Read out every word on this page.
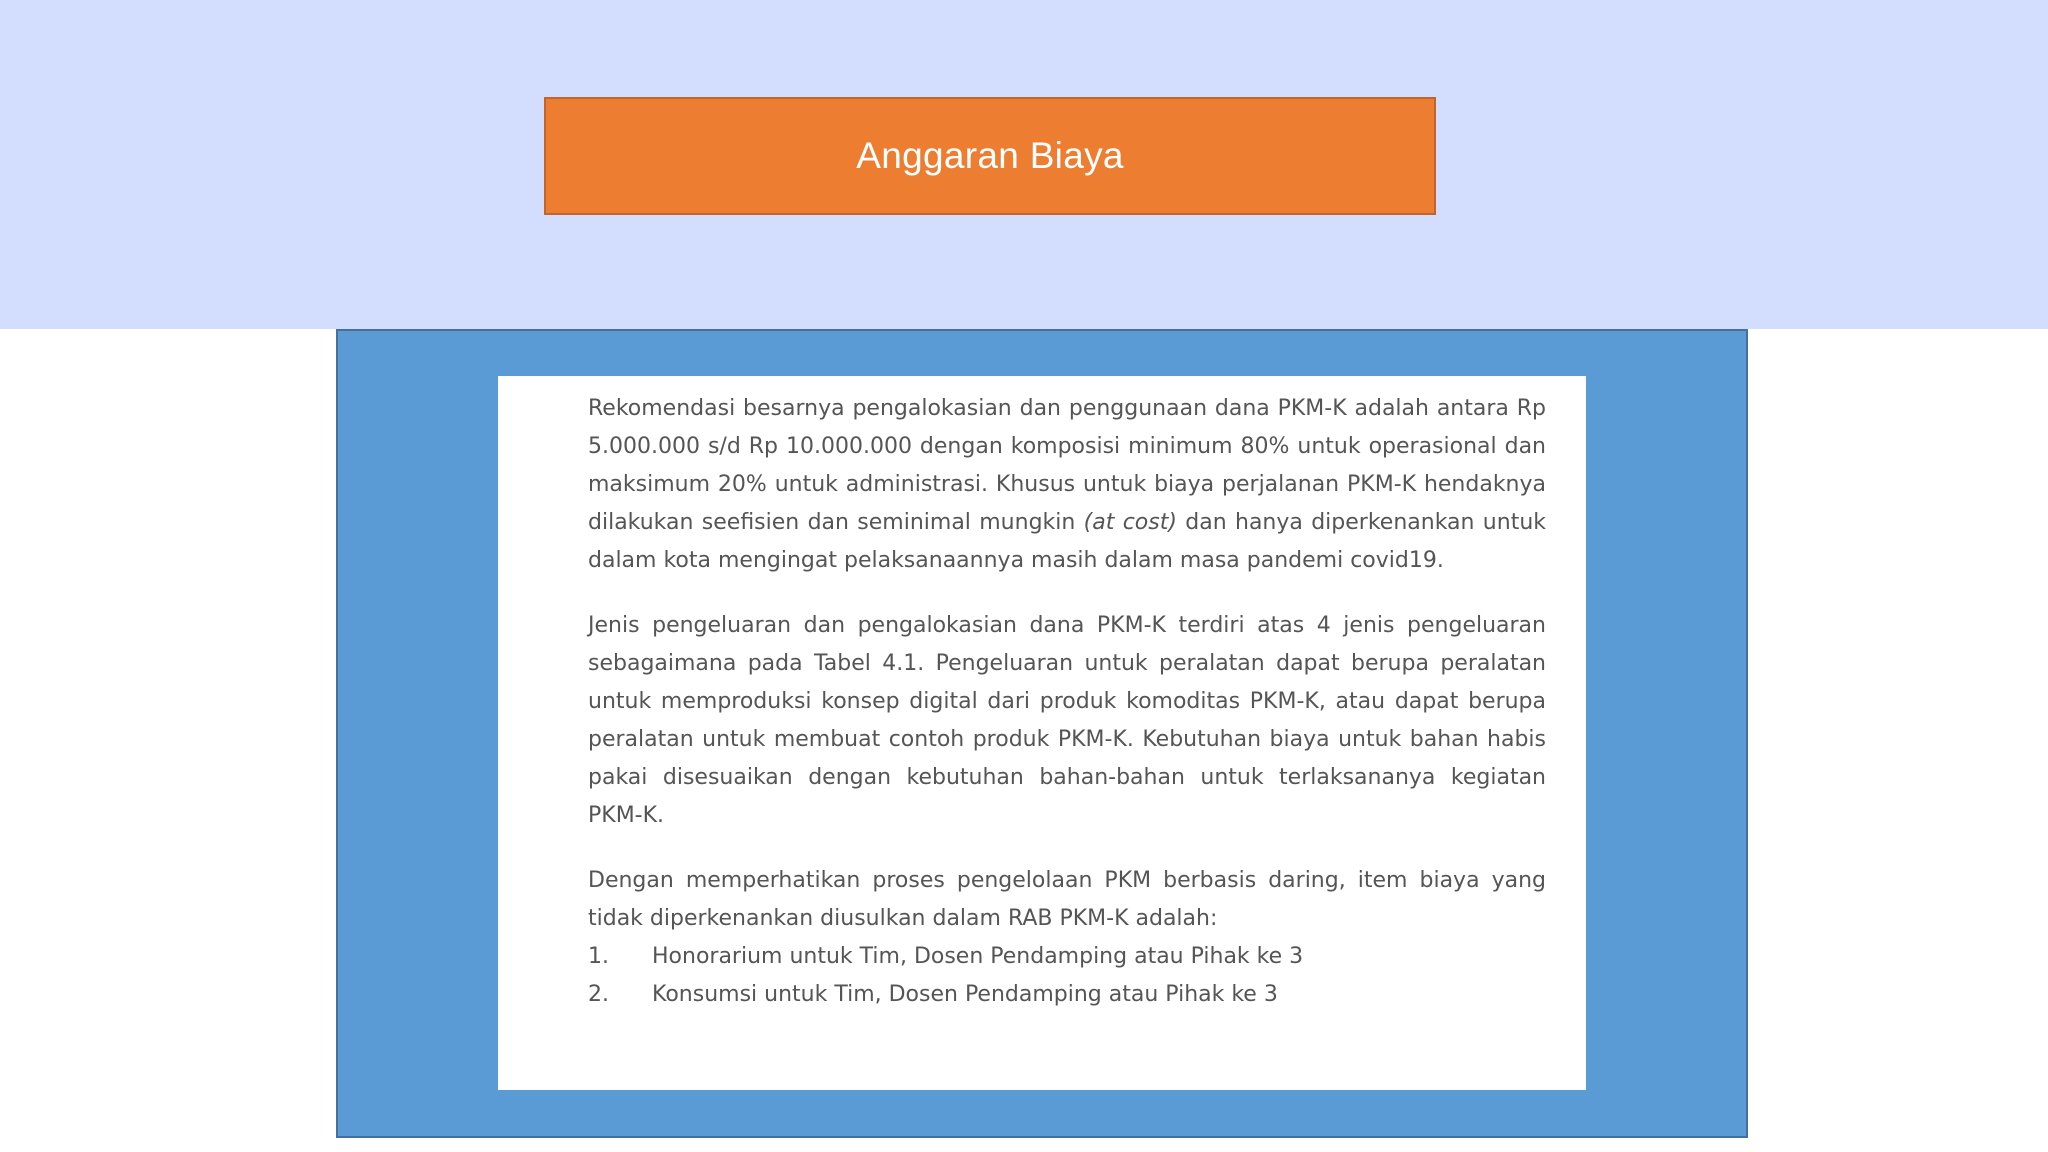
Anggaran Biaya

Rekomendasi besarnya pengalokasian dan penggunaan dana PKM-K adalah antara Rp 5.000.000 s/d Rp 10.000.000 dengan komposisi minimum 80% untuk operasional dan maksimum 20% untuk administrasi. Khusus untuk biaya perjalanan PKM-K hendaknya dilakukan seefisien dan seminimal mungkin (at cost) dan hanya diperkenankan untuk dalam kota mengingat pelaksanaannya masih dalam masa pandemi covid19.

Jenis pengeluaran dan pengalokasian dana PKM-K terdiri atas 4 jenis pengeluaran sebagaimana pada Tabel 4.1. Pengeluaran untuk peralatan dapat berupa peralatan untuk memproduksi konsep digital dari produk komoditas PKM-K, atau dapat berupa peralatan untuk membuat contoh produk PKM-K. Kebutuhan biaya untuk bahan habis pakai disesuaikan dengan kebutuhan bahan-bahan untuk terlaksananya kegiatan PKM-K.

Dengan memperhatikan proses pengelolaan PKM berbasis daring, item biaya yang tidak diperkenankan diusulkan dalam RAB PKM-K adalah:

1.	Honorarium untuk Tim, Dosen Pendamping atau Pihak ke 3
2.	Konsumsi untuk Tim, Dosen Pendamping atau Pihak ke 3
